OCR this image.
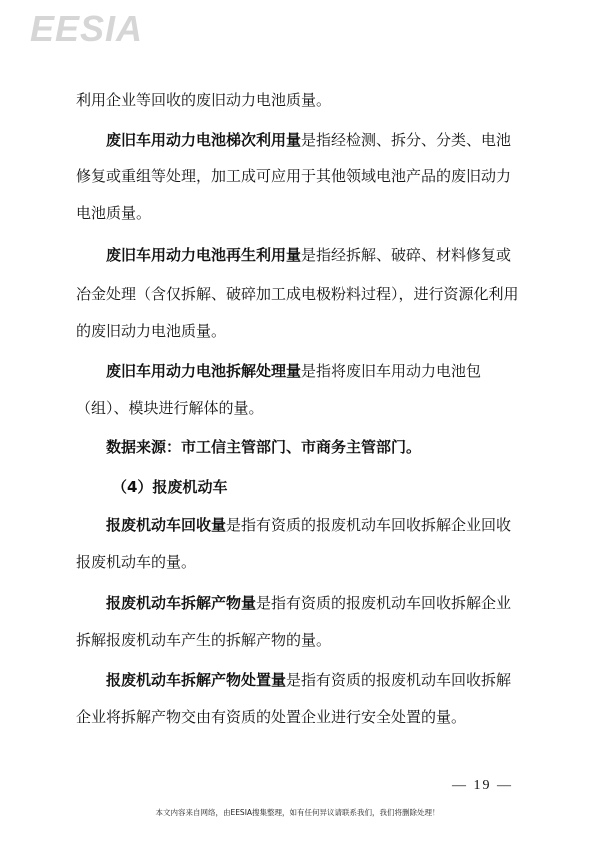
EESIA

利用企业等回收的废旧动力电池质量。

废旧车用动力电池梯次利用量是指经检测、拆分、分类、电池

修复或重组等处理，加工成可应用于其他领域电池产品的废旧动力

电池质量。

废旧车用动力电池再生利用量是指经拆解、破碎、材料修复或

冶金处理（含仅拆解、破碎加工成电极粉料过程），进行资源化利用

的废旧动力电池质量。

废旧车用动力电池拆解处理量是指将废旧车用动力电池包

（组）、模块进行解体的量。

数据来源：市工信主管部门、市商务主管部门。

（4）报废机动车

报废机动车回收量是指有资质的报废机动车回收拆解企业回收

报废机动车的量。

报废机动车拆解产物量是指有资质的报废机动车回收拆解企业

拆解报废机动车产生的拆解产物的量。

报废机动车拆解产物处置量是指有资质的报废机动车回收拆解

企业将拆解产物交由有资质的处置企业进行安全处置的量。

— 19 —
本文内容来自网络，由EESIA搜集整理，如有任何异议请联系我们，我们将删除处理！
